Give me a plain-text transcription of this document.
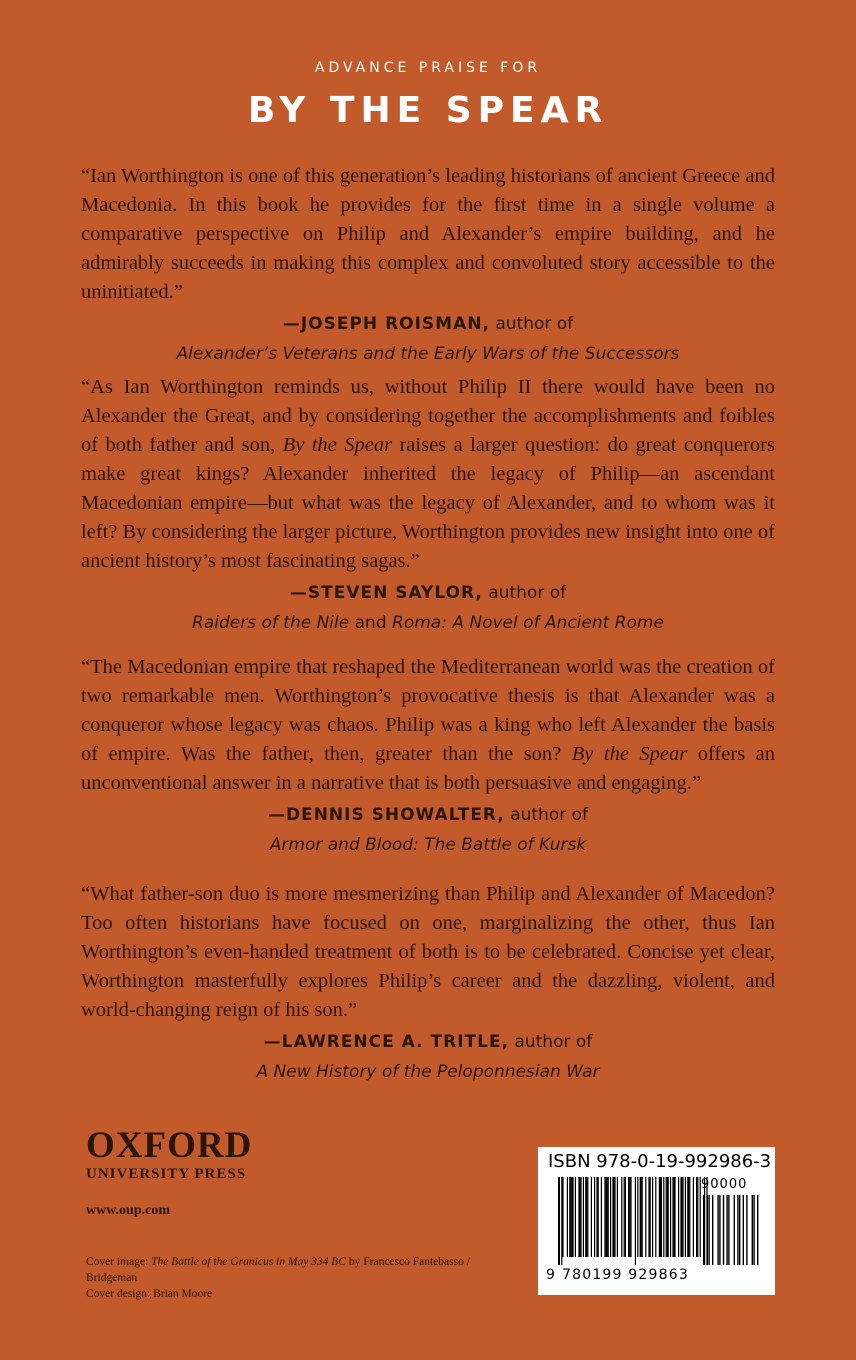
ADVANCE PRAISE FOR
BY THE SPEAR

“Ian Worthington is one of this generation’s leading historians of ancient Greece and Macedonia. In this book he provides for the first time in a single volume a comparative perspective on Philip and Alexander’s empire building, and he admirably succeeds in making this complex and convoluted story accessible to the uninitiated.”

—JOSEPH ROISMAN, author of
Alexander’s Veterans and the Early Wars of the Successors

“As Ian Worthington reminds us, without Philip II there would have been no Alexander the Great, and by considering together the accomplishments and foibles of both father and son, By the Spear raises a larger question: do great conquerors make great kings? Alexander inherited the legacy of Philip—an ascendant Macedonian empire—but what was the legacy of Alexander, and to whom was it left? By considering the larger picture, Worthington provides new insight into one of ancient history’s most fascinating sagas.”

—STEVEN SAYLOR, author of
Raiders of the Nile and Roma: A Novel of Ancient Rome

“The Macedonian empire that reshaped the Mediterranean world was the creation of two remarkable men. Worthington’s provocative thesis is that Alexander was a conqueror whose legacy was chaos. Philip was a king who left Alexander the basis of empire. Was the father, then, greater than the son? By the Spear offers an unconventional answer in a narrative that is both persuasive and engaging.”

—DENNIS SHOWALTER, author of
Armor and Blood: The Battle of Kursk

“What father-son duo is more mesmerizing than Philip and Alexander of Macedon? Too often historians have focused on one, marginalizing the other, thus Ian Worthington’s even-handed treatment of both is to be celebrated. Concise yet clear, Worthington masterfully explores Philip’s career and the dazzling, violent, and world-changing reign of his son.”

—LAWRENCE A. TRITLE, author of
A New History of the Peloponnesian War
OXFORD
UNIVERSITY PRESS
www.oup.com
Cover image: The Battle of the Granicus in May 334 BC by Francesco Fantebasso / Bridgeman
Cover design: Brian Moore
ISBN 978-0-19-992986-3
90000
9 780199 929863
